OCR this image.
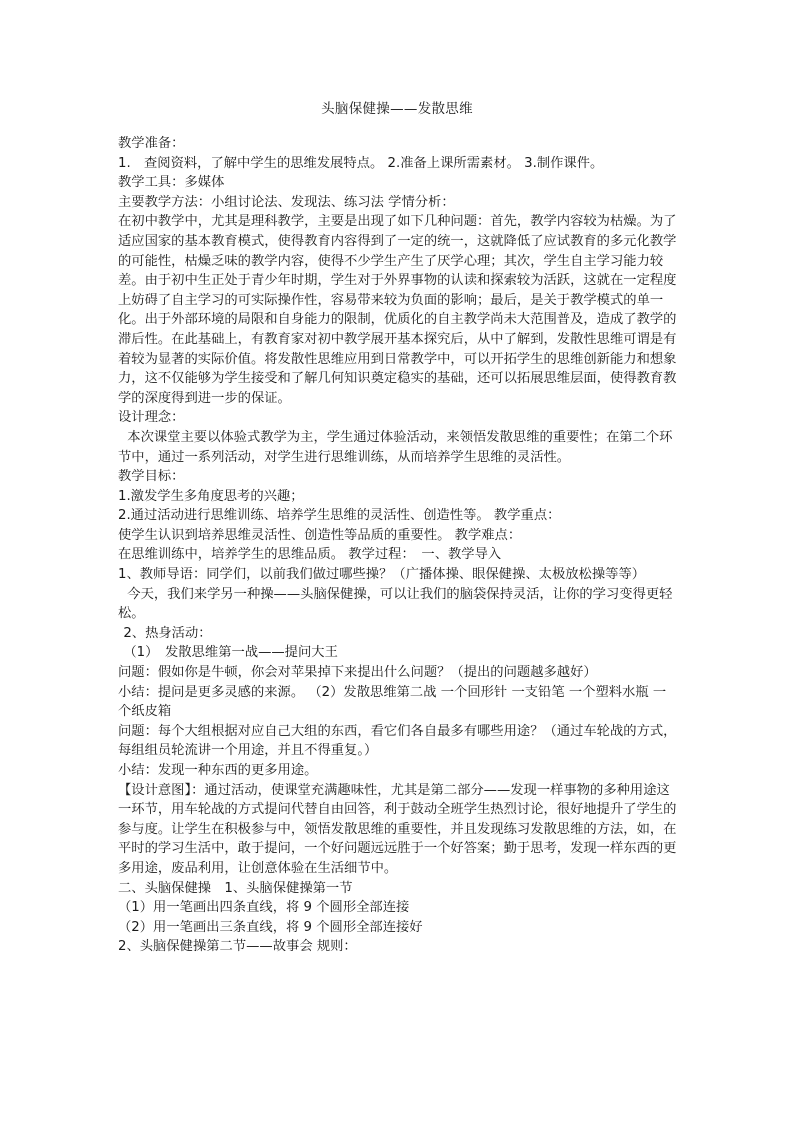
头脑保健操——发散思维

教学准备：

1.　查阅资料，了解中学生的思维发展特点。 2.准备上课所需素材。 3.制作课件。

教学工具：多媒体

主要教学方法：小组讨论法、发现法、练习法 学情分析：

在初中教学中，尤其是理科教学，主要是出现了如下几种问题：首先，教学内容较为枯燥。为了适应国家的基本教育模式，使得教育内容得到了一定的统一，这就降低了应试教育的多元化教学的可能性，枯燥乏味的教学内容，使得不少学生产生了厌学心理；其次，学生自主学习能力较差。由于初中生正处于青少年时期，学生对于外界事物的认读和探索较为活跃，这就在一定程度上妨碍了自主学习的可实际操作性，容易带来较为负面的影响；最后，是关于教学模式的单一化。出于外部环境的局限和自身能力的限制，优质化的自主教学尚未大范围普及，造成了教学的滞后性。在此基础上，有教育家对初中教学展开基本探究后，从中了解到，发散性思维可谓是有着较为显著的实际价值。将发散性思维应用到日常教学中，可以开拓学生的思维创新能力和想象力，这不仅能够为学生接受和了解几何知识奠定稳实的基础，还可以拓展思维层面，使得教育教学的深度得到进一步的保证。

设计理念：

本次课堂主要以体验式教学为主，学生通过体验活动，来领悟发散思维的重要性；在第二个环节中，通过一系列活动，对学生进行思维训练，从而培养学生思维的灵活性。

教学目标：

1.激发学生多角度思考的兴趣；

2.通过活动进行思维训练、培养学生思维的灵活性、创造性等。 教学重点：

使学生认识到培养思维灵活性、创造性等品质的重要性。 教学难点：

在思维训练中，培养学生的思维品质。 教学过程：　一、教学导入

1、教师导语：同学们，以前我们做过哪些操？（广播体操、眼保健操、太极放松操等等）

今天，我们来学另一种操——头脑保健操，可以让我们的脑袋保持灵活，让你的学习变得更轻松。

2、热身活动：

（1）　发散思维第一战——提问大王

问题：假如你是牛顿，你会对苹果掉下来提出什么问题？（提出的问题越多越好）

小结：提问是更多灵感的来源。 （2）发散思维第二战 一个回形针 一支铅笔 一个塑料水瓶 一个纸皮箱

问题：每个大组根据对应自己大组的东西，看它们各自最多有哪些用途？（通过车轮战的方式，每组组员轮流讲一个用途，并且不得重复。）

小结：发现一种东西的更多用途。

【设计意图】：通过活动，使课堂充满趣味性，尤其是第二部分——发现一样事物的多种用途这一环节，用车轮战的方式提问代替自由回答，利于鼓动全班学生热烈讨论，很好地提升了学生的参与度。让学生在积极参与中，领悟发散思维的重要性，并且发现练习发散思维的方法，如，在平时的学习生活中，敢于提问，一个好问题远远胜于一个好答案；勤于思考，发现一样东西的更多用途，废品利用，让创意体验在生活细节中。

二、头脑保健操　1、头脑保健操第一节

（1）用一笔画出四条直线，将 9 个圆形全部连接

（2）用一笔画出三条直线，将 9 个圆形全部连接好

2、头脑保健操第二节——故事会 规则：
